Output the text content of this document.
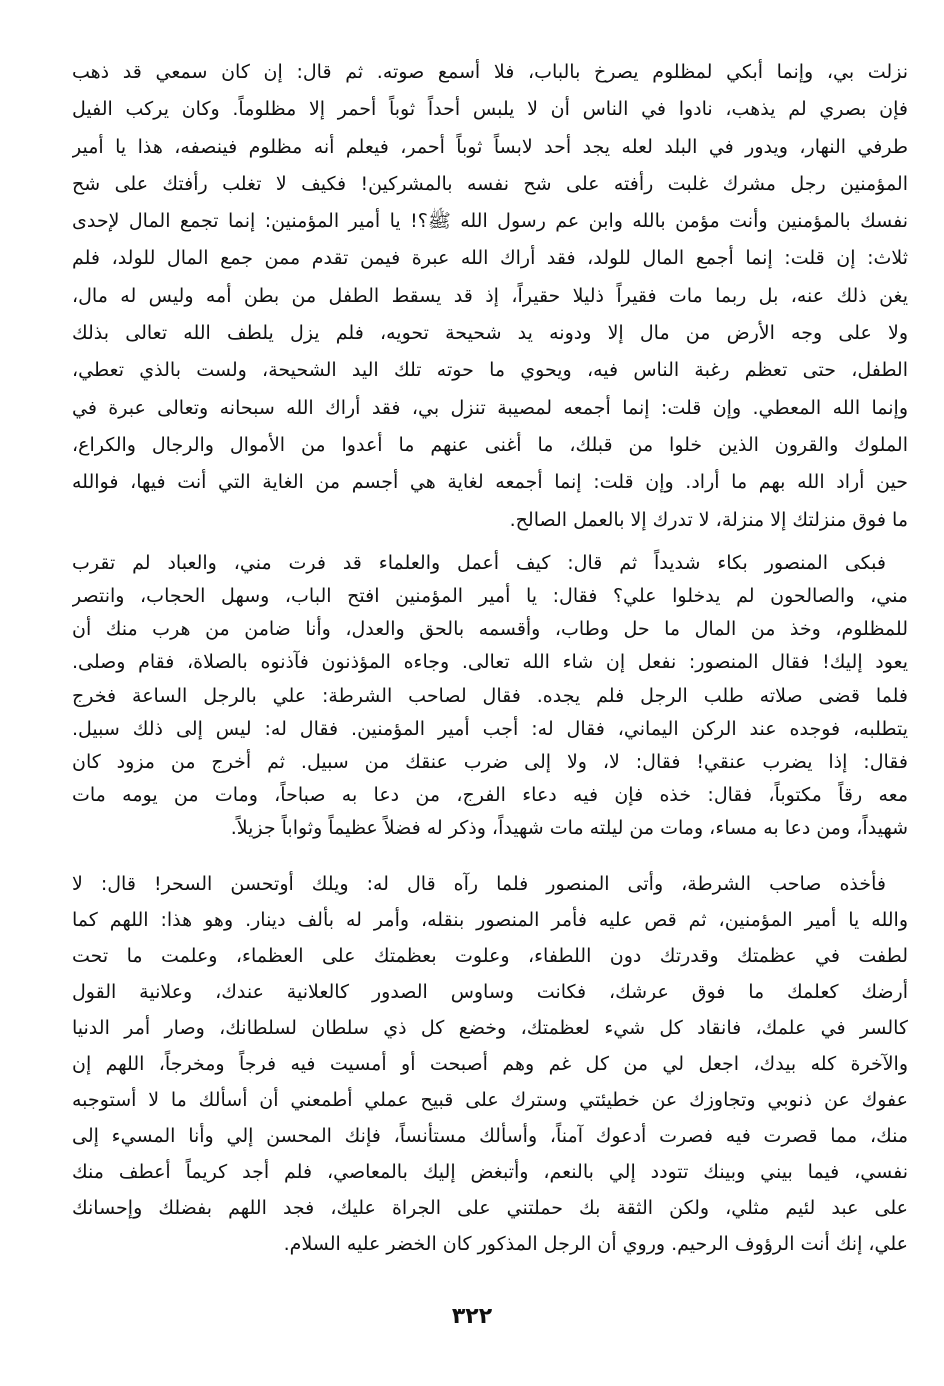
نزلت بي، وإنما أبكي لمظلوم يصرخ بالباب، فلا أسمع صوته. ثم قال: إن كان سمعي قد ذهب
فإن بصري لم يذهب، نادوا في الناس أن لا يلبس أحداً ثوباً أحمر إلا مظلوماً. وكان يركب الفيل
طرفي النهار، ويدور في البلد لعله يجد أحد لابساً ثوباً أحمر، فيعلم أنه مظلوم فينصفه، هذا يا أمير
المؤمنين رجل مشرك غلبت رأفته على شح نفسه بالمشركين! فكيف لا تغلب رأفتك على شح
نفسك بالمؤمنين وأنت مؤمن بالله وابن عم رسول الله ﷺ؟! يا أمير المؤمنين: إنما تجمع المال لإحدى
ثلاث: إن قلت: إنما أجمع المال للولد، فقد أراك الله عبرة فيمن تقدم ممن جمع المال للولد، فلم
يغن ذلك عنه، بل ربما مات فقيراً ذليلا حقيراً، إذ قد يسقط الطفل من بطن أمه وليس له مال،
ولا على وجه الأرض من مال إلا ودونه يد شحيحة تحويه، فلم يزل يلطف الله تعالى بذلك
الطفل، حتى تعظم رغبة الناس فيه، ويحوي ما حوته تلك اليد الشحيحة، ولست بالذي تعطي،
وإنما الله المعطي. وإن قلت: إنما أجمعه لمصيبة تنزل بي، فقد أراك الله سبحانه وتعالى عبرة في
الملوك والقرون الذين خلوا من قبلك، ما أغنى عنهم ما أعدوا من الأموال والرجال والكراع،
حين أراد الله بهم ما أراد. وإن قلت: إنما أجمعه لغاية هي أجسم من الغاية التي أنت فيها، فوالله
ما فوق منزلتك إلا منزلة، لا تدرك إلا بالعمل الصالح.
فبكى المنصور بكاء شديداً ثم قال: كيف أعمل والعلماء قد فرت مني، والعباد لم تقرب
مني، والصالحون لم يدخلوا علي؟ فقال: يا أمير المؤمنين افتح الباب، وسهل الحجاب، وانتصر
للمظلوم، وخذ من المال ما حل وطاب، وأقسمه بالحق والعدل، وأنا ضامن من هرب منك أن
يعود إليك! فقال المنصور: نفعل إن شاء الله تعالى. وجاءه المؤذنون فآذنوه بالصلاة، فقام وصلى.
فلما قضى صلاته طلب الرجل فلم يجده. فقال لصاحب الشرطة: علي بالرجل الساعة فخرج
يتطلبه، فوجده عند الركن اليماني، فقال له: أجب أمير المؤمنين. فقال له: ليس إلى ذلك سبيل.
فقال: إذا يضرب عنقي! فقال: لا، ولا إلى ضرب عنقك من سبيل. ثم أخرج من مزود كان
معه رقاً مكتوباً، فقال: خذه فإن فيه دعاء الفرج، من دعا به صباحاً، ومات من يومه مات
شهيداً، ومن دعا به مساء، ومات من ليلته مات شهيداً، وذكر له فضلاً عظيماً وثواباً جزيلاً.
فأخذه صاحب الشرطة، وأتى المنصور فلما رآه قال له: ويلك أوتحسن السحر! قال: لا
والله يا أمير المؤمنين، ثم قص عليه فأمر المنصور بنقله، وأمر له بألف دينار. وهو هذا: اللهم كما
لطفت في عظمتك وقدرتك دون اللطفاء، وعلوت بعظمتك على العظماء، وعلمت ما تحت
أرضك كعلمك ما فوق عرشك، فكانت وساوس الصدور كالعلانية عندك، وعلانية القول
كالسر في علمك، فانقاد كل شيء لعظمتك، وخضع كل ذي سلطان لسلطانك، وصار أمر الدنيا
والآخرة كله بيدك، اجعل لي من كل غم وهم أصبحت أو أمسيت فيه فرجاً ومخرجاً، اللهم إن
عفوك عن ذنوبي وتجاوزك عن خطيئتي وسترك على قبيح عملي أطمعني أن أسألك ما لا أستوجبه
منك، مما قصرت فيه فصرت أدعوك آمناً، وأسألك مستأنساً، فإنك المحسن إلي وأنا المسيء إلى
نفسي، فيما بيني وبينك تتودد إلي بالنعم، وأتبغض إليك بالمعاصي، فلم أجد كريماً أعطف منك
على عبد لئيم مثلي، ولكن الثقة بك حملتني على الجراة عليك، فجد اللهم بفضلك وإحسانك
علي، إنك أنت الرؤوف الرحيم. وروي أن الرجل المذكور كان الخضر عليه السلام.
٣٢٢
